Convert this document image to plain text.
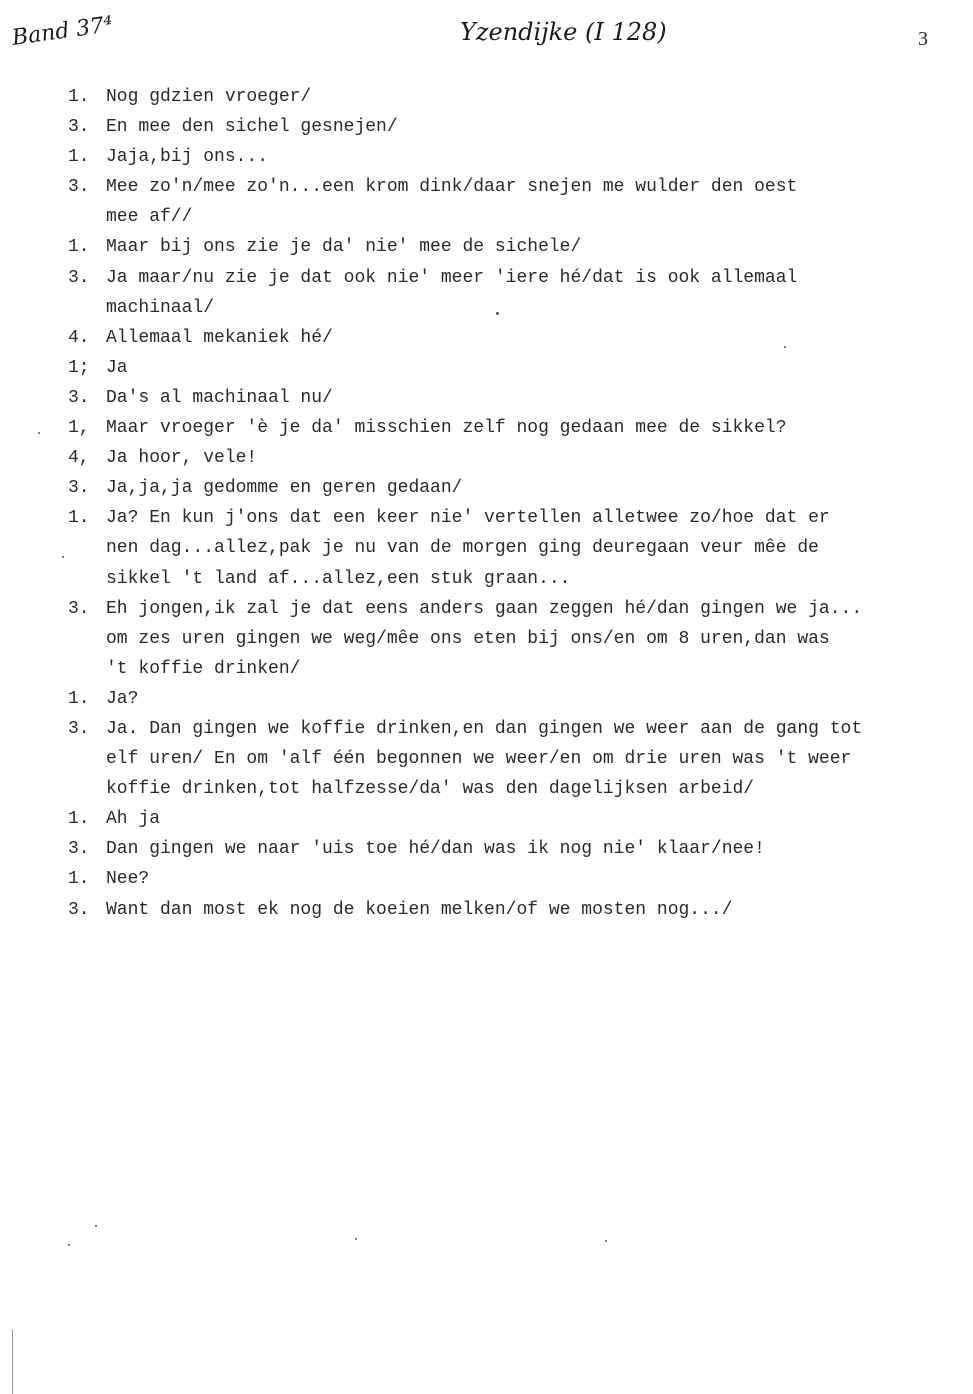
Band 37⁴	Yzendijke (I 128)	3
1. Nog gdzien vroeger/
3. En mee den sichel gesnejen/
1. Jaja,bij ons...
3. Mee zo'n/mee zo'n...een krom dink/daar snejen me wulder den oest
mee af//
1. Maar bij ons zie je da' nie' mee de sichele/
3. Ja maar/nu zie je dat ook nie' meer 'iere hé/dat is ook allemaal
machinaal/
4. Allemaal mekaniek hé/
1; Ja
3. Da's al machinaal nu/
1, Maar vroeger 'è je da' misschien zelf nog gedaan mee de sikkel?
4, Ja hoor, vele!
3. Ja,ja,ja gedomme en geren gedaan/
1. Ja? En kun j'ons dat een keer nie' vertellen alletwee zo/hoe dat er
nen dag...allez,pak je nu van de morgen ging deuregaan veur mêe de
sikkel 't land af...allez,een stuk graan...
3. Eh jongen,ik zal je dat eens anders gaan zeggen hé/dan gingen we ja...
om zes uren gingen we weg/mêe ons eten bij ons/en om 8 uren,dan was
't koffie drinken/
1. Ja?
3. Ja. Dan gingen we koffie drinken,en dan gingen we weer aan de gang tot
elf uren/ En om 'alf één begonnen we weer/en om drie uren was 't weer
koffie drinken,tot halfzesse/da' was den dagelijksen arbeid/
1. Ah ja
3. Dan gingen we naar 'uis toe hé/dan was ik nog nie' klaar/nee!
1. Nee?
3. Want dan most ek nog de koeien melken/of we mosten nog.../
